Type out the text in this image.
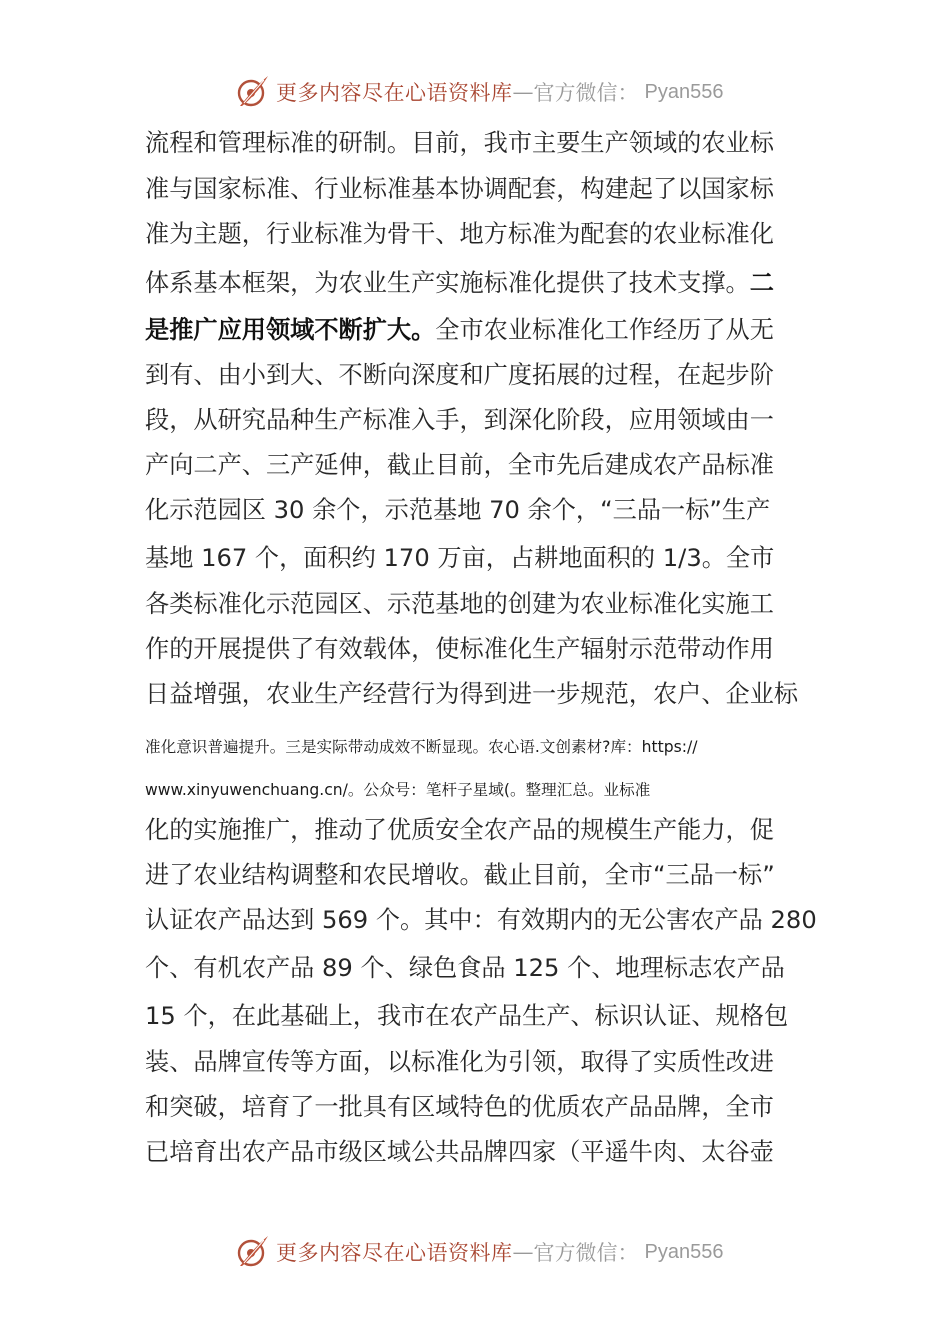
更多内容尽在心语资料库 — 官方微信： Pyan556
流程和管理标准的研制。目前，我市主要生产领域的农业标
准与国家标准、行业标准基本协调配套，构建起了以国家标
准为主题，行业标准为骨干、地方标准为配套的农业标准化
体系基本框架，为农业生产实施标准化提供了技术支撑。二
是推广应用领域不断扩大。全市农业标准化工作经历了从无
到有、由小到大、不断向深度和广度拓展的过程，在起步阶
段，从研究品种生产标准入手，到深化阶段，应用领域由一
产向二产、三产延伸，截止目前，全市先后建成农产品标准
化示范园区 30 余个，示范基地 70 余个，“三品一标”生产
基地 167 个，面积约 170 万亩，占耕地面积的 1/3。全市
各类标准化示范园区、示范基地的创建为农业标准化实施工
作的开展提供了有效载体，使标准化生产辐射示范带动作用
日益增强，农业生产经营行为得到进一步规范，农户、企业标
准化意识普遍提升。三是实际带动成效不断显现。农心语.文创素材?库：https://
www.xinyuwenchuang.cn/。公众号：笔杆子星域(。整理汇总。业标准
化的实施推广，推动了优质安全农产品的规模生产能力，促
进了农业结构调整和农民增收。截止目前，全市“三品一标”
认证农产品达到 569 个。其中：有效期内的无公害农产品 280
个、有机农产品 89 个、绿色食品 125 个、地理标志农产品
15 个，在此基础上，我市在农产品生产、标识认证、规格包
装、品牌宣传等方面，以标准化为引领，取得了实质性改进
和突破，培育了一批具有区域特色的优质农产品品牌，全市
已培育出农产品市级区域公共品牌四家（平遥牛肉、太谷壶
更多内容尽在心语资料库 — 官方微信： Pyan556
